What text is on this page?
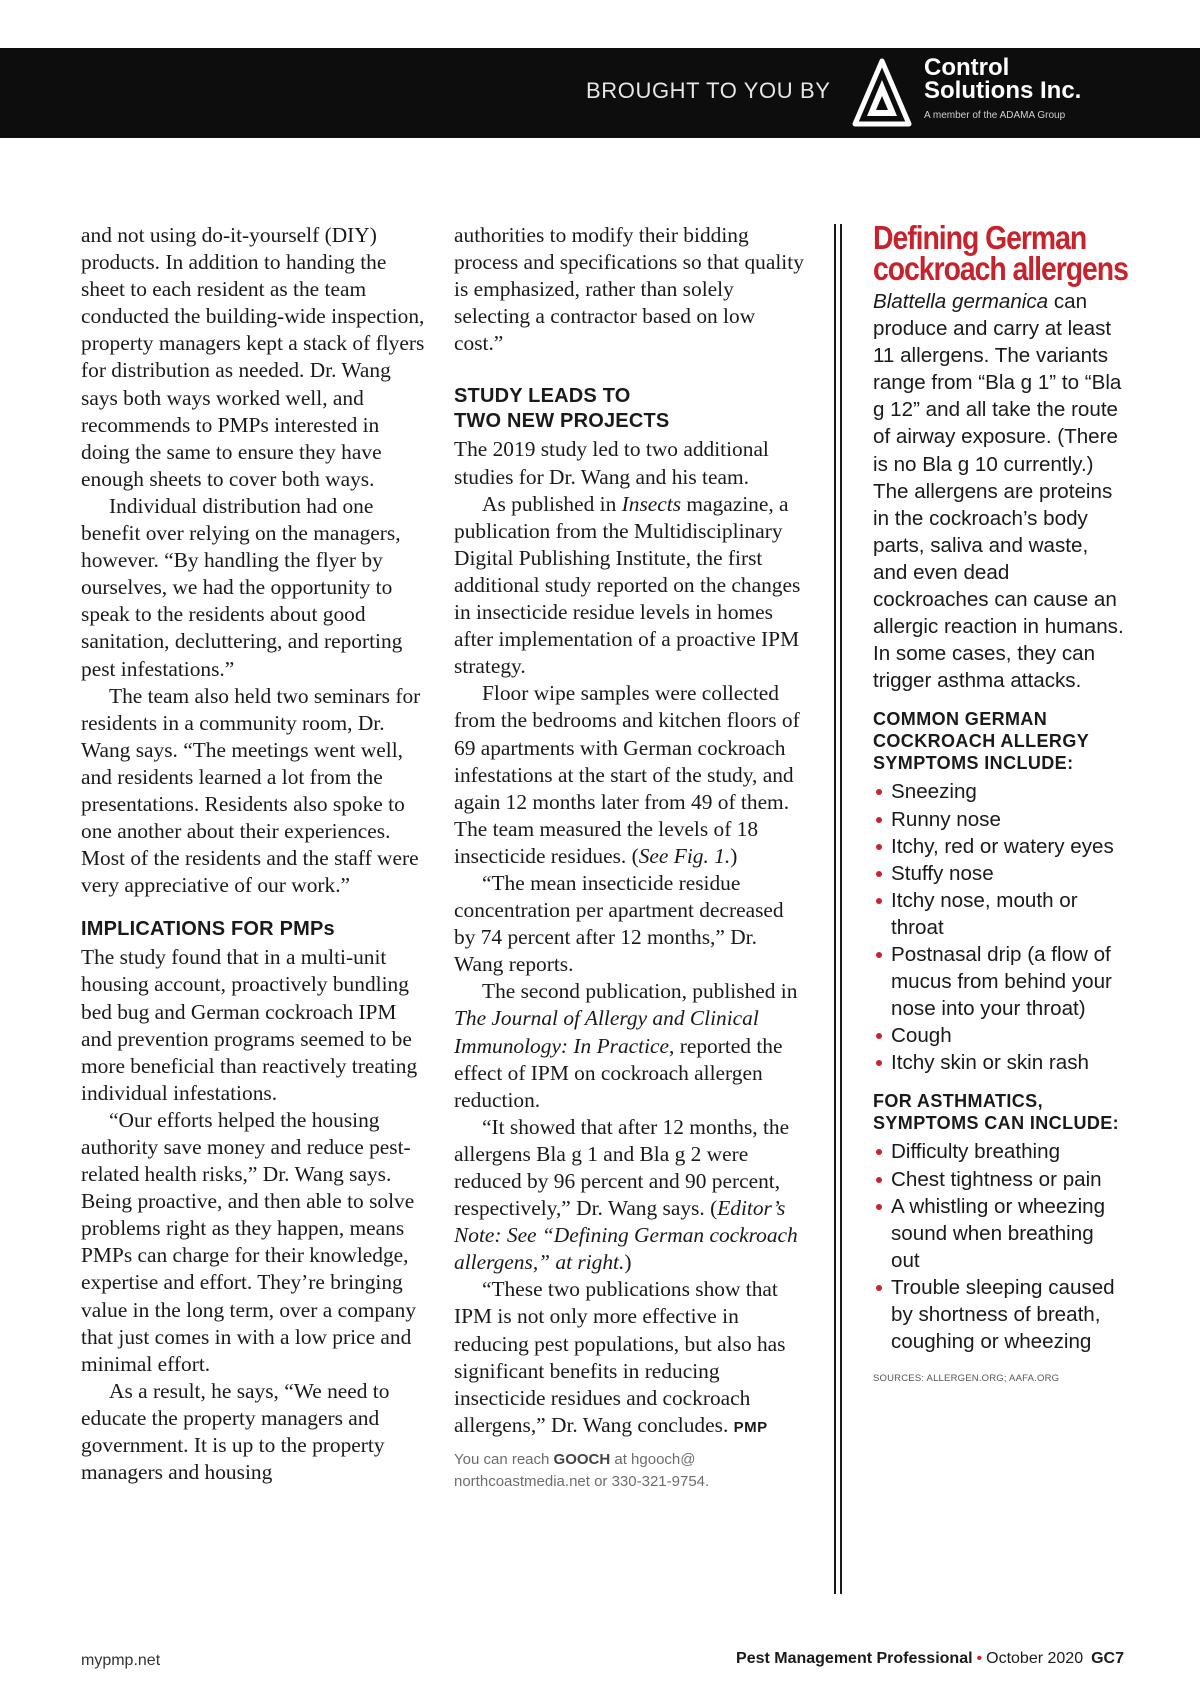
BROUGHT TO YOU BY
Control
Solutions Inc.
A member of the ADAMA Group

and not using do-it-yourself (DIY) products. In addition to handing the sheet to each resident as the team conducted the building-wide inspection, property managers kept a stack of flyers for distribution as needed. Dr. Wang says both ways worked well, and recommends to PMPs interested in doing the same to ensure they have enough sheets to cover both ways.

Individual distribution had one benefit over relying on the managers, however. “By handling the flyer by ourselves, we had the opportunity to speak to the residents about good sanitation, decluttering, and reporting pest infestations.”

The team also held two seminars for residents in a community room, Dr. Wang says. “The meetings went well, and residents learned a lot from the presentations. Residents also spoke to one another about their experiences. Most of the residents and the staff were very appreciative of our work.”

IMPLICATIONS FOR PMPs

The study found that in a multi-unit housing account, proactively bundling bed bug and German cockroach IPM and prevention programs seemed to be more beneficial than reactively treating individual infestations.

“Our efforts helped the housing authority save money and reduce pest-related health risks,” Dr. Wang says. Being proactive, and then able to solve problems right as they happen, means PMPs can charge for their knowledge, expertise and effort. They’re bringing value in the long term, over a company that just comes in with a low price and minimal effort.

As a result, he says, “We need to educate the property managers and government. It is up to the property managers and housing

authorities to modify their bidding process and specifications so that quality is emphasized, rather than solely selecting a contractor based on low cost.”

STUDY LEADS TO
TWO NEW PROJECTS

The 2019 study led to two additional studies for Dr. Wang and his team.

As published in Insects magazine, a publication from the Multidisciplinary Digital Publishing Institute, the first additional study reported on the changes in insecticide residue levels in homes after implementation of a proactive IPM strategy.

Floor wipe samples were collected from the bedrooms and kitchen floors of 69 apartments with German cockroach infestations at the start of the study, and again 12 months later from 49 of them. The team measured the levels of 18 insecticide residues. (See Fig. 1.)

“The mean insecticide residue concentration per apartment decreased by 74 percent after 12 months,” Dr. Wang reports.

The second publication, published in The Journal of Allergy and Clinical Immunology: In Practice, reported the effect of IPM on cockroach allergen reduction.

“It showed that after 12 months, the allergens Bla g 1 and Bla g 2 were reduced by 96 percent and 90 percent, respectively,” Dr. Wang says. (Editor’s Note: See “Defining German cockroach allergens,” at right.)

“These two publications show that IPM is not only more effective in reducing pest populations, but also has significant benefits in reducing insecticide residues and cockroach allergens,” Dr. Wang concludes. PMP

You can reach GOOCH at hgooch@ northcoastmedia.net or 330-321-9754.
Defining German cockroach allergens

Blattella germanica can produce and carry at least 11 allergens. The variants range from “Bla g 1” to “Bla g 12” and all take the route of airway exposure. (There is no Bla g 10 currently.) The allergens are proteins in the cockroach’s body parts, saliva and waste, and even dead cockroaches can cause an allergic reaction in humans. In some cases, they can trigger asthma attacks.

COMMON GERMAN COCKROACH ALLERGY SYMPTOMS INCLUDE:
Sneezing
Runny nose
Itchy, red or watery eyes
Stuffy nose
Itchy nose, mouth or throat
Postnasal drip (a flow of mucus from behind your nose into your throat)
Cough
Itchy skin or skin rash
FOR ASTHMATICS, SYMPTOMS CAN INCLUDE:
Difficulty breathing
Chest tightness or pain
A whistling or wheezing sound when breathing out
Trouble sleeping caused by shortness of breath, coughing or wheezing
SOURCES: ALLERGEN.ORG; AAFA.ORG
mypmp.net	Pest Management Professional • October 2020 GC7
